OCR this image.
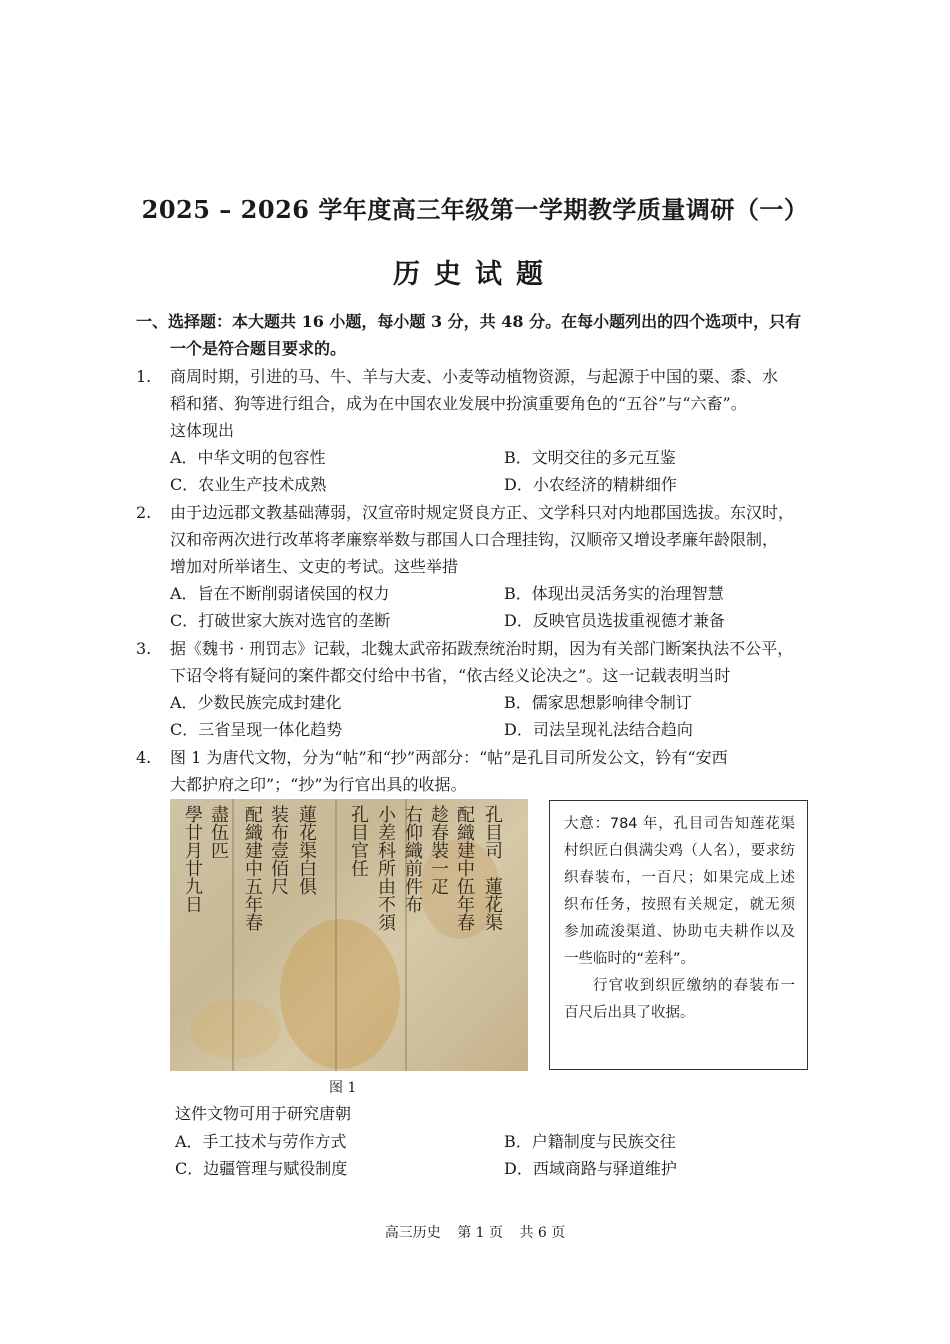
2025 – 2026 学年度高三年级第一学期教学质量调研（一）
历史试题
一、选择题：本大题共 16 小题，每小题 3 分，共 48 分。在每小题列出的四个选项中，只有
一个是符合题目要求的。
1. 商周时期，引进的马、牛、羊与大麦、小麦等动植物资源，与起源于中国的粟、黍、水
稻和猪、狗等进行组合，成为在中国农业发展中扮演重要角色的“五谷”与“六畜”。
这体现出
A．中华文明的包容性	B．文明交往的多元互鉴
C．农业生产技术成熟	D．小农经济的精耕细作
2. 由于边远郡文教基础薄弱，汉宣帝时规定贤良方正、文学科只对内地郡国选拔。东汉时，
汉和帝两次进行改革将孝廉察举数与郡国人口合理挂钩，汉顺帝又增设孝廉年龄限制，
增加对所举诸生、文吏的考试。这些举措
A．旨在不断削弱诸侯国的权力	B．体现出灵活务实的治理智慧
C．打破世家大族对选官的垄断	D．反映官员选拔重视德才兼备
3. 据《魏书 · 刑罚志》记载，北魏太武帝拓跋焘统治时期，因为有关部门断案执法不公平，
下诏令将有疑问的案件都交付给中书省，“依古经义论决之”。这一记载表明当时
A．少数民族完成封建化	B．儒家思想影响律令制订
C．三省呈现一体化趋势	D．司法呈现礼法结合趋向
4. 图 1 为唐代文物，分为“帖”和“抄”两部分：“帖”是孔目司所发公文，钤有“安西
大都护府之印”；“抄”为行官出具的收据。
學廿月廿九日 盡伍匹 配織建中五年春 装布壹佰尺 蓮花渠白俱 孔目官任 小差科所由不須 右仰織前件布 趁春裝一疋 配織建中伍年春 孔目司　蓮花渠	大意：784 年，孔目司告知莲花渠村织匠白俱满尖鸡（人名），要求纺织春装布，一百尺；如果完成上述织布任务，按照有关规定，就无须参加疏浚渠道、协助屯夫耕作以及一些临时的“差科”。

行官收到织匠缴纳的春装布一百尺后出具了收据。

图 1
这件文物可用于研究唐朝
A．手工技术与劳作方式	B．户籍制度与民族交往
C．边疆管理与赋役制度	D．西域商路与驿道维护
高三历史 第 1 页 共 6 页
